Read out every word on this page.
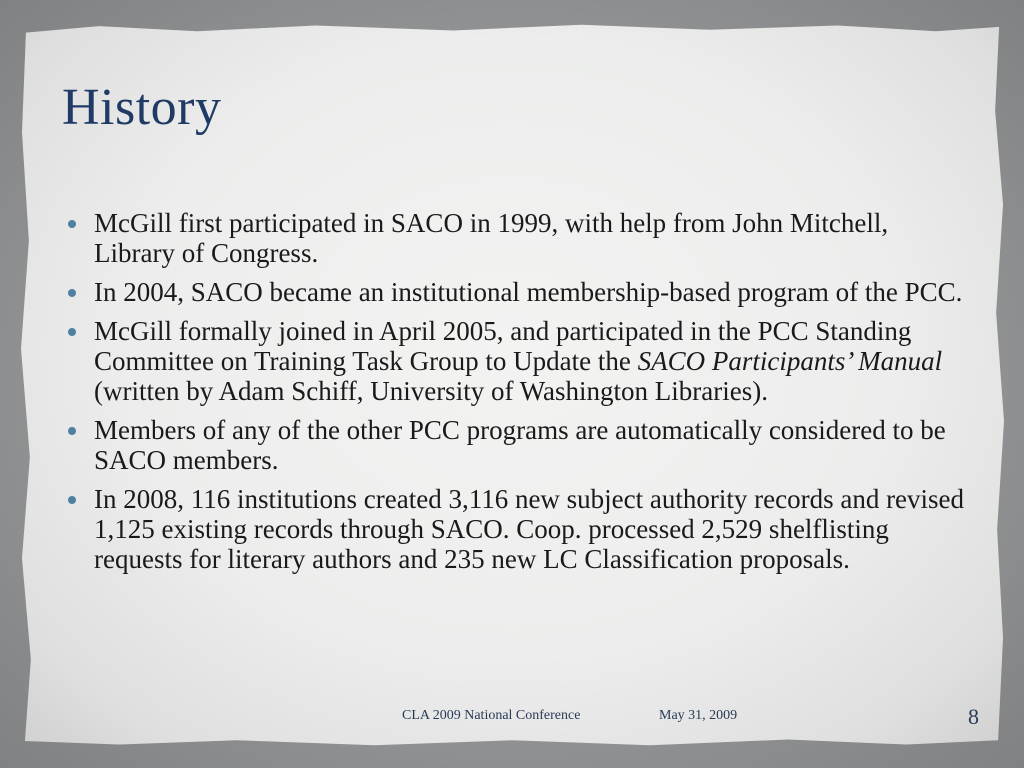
History
McGill first participated in SACO in 1999, with help from John Mitchell, Library of Congress.
In 2004, SACO became an institutional membership-based program of the PCC.
McGill formally joined in April 2005, and participated in the PCC Standing Committee on Training Task Group to Update the SACO Participants’ Manual (written by Adam Schiff, University of Washington Libraries).
Members of any of the other PCC programs are automatically considered to be SACO members.
In 2008, 116 institutions created 3,116 new subject authority records and revised 1,125 existing records through SACO. Coop. processed 2,529 shelflisting requests for literary authors and 235 new LC Classification proposals.
CLA 2009 National Conference	May 31, 2009	8
